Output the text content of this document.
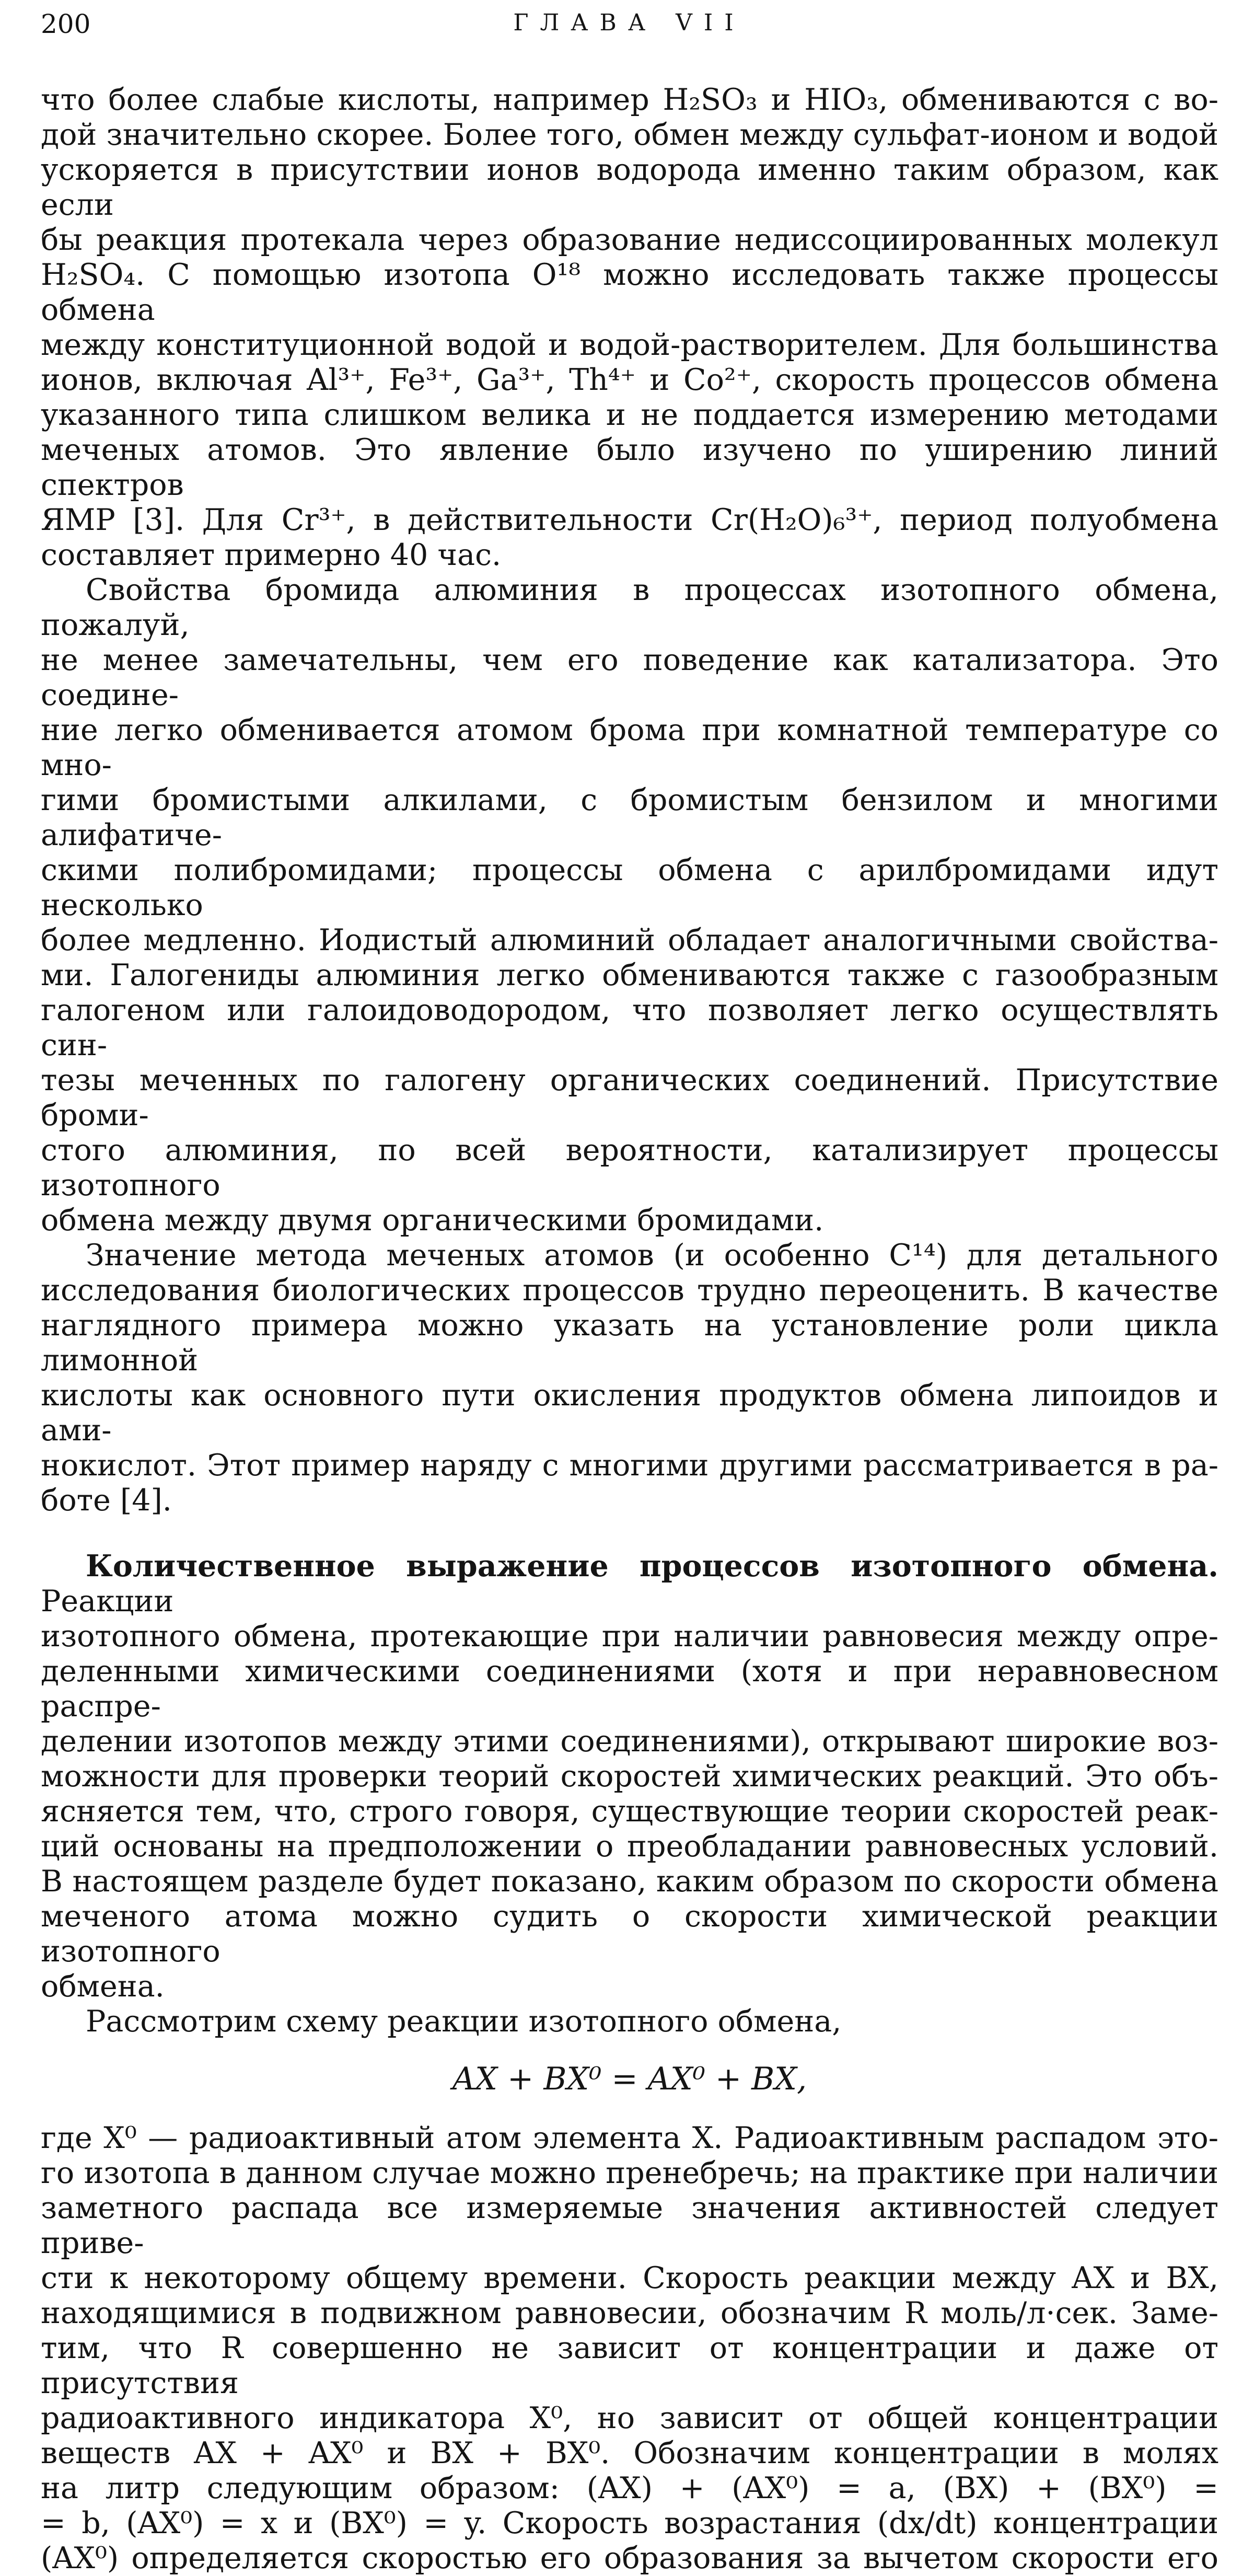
200	ГЛАВА VII
что более слабые кислоты, например H₂SO₃ и HIO₃, обмениваются с во-
дой значительно скорее. Более того, обмен между сульфат-ионом и водой
ускоряется в присутствии ионов водорода именно таким образом, как если
бы реакция протекала через образование недиссоциированных молекул
H₂SO₄. С помощью изотопа O¹⁸ можно исследовать также процессы обмена
между конституционной водой и водой-растворителем. Для большинства
ионов, включая Al³⁺, Fe³⁺, Ga³⁺, Th⁴⁺ и Co²⁺, скорость процессов обмена
указанного типа слишком велика и не поддается измерению методами
меченых атомов. Это явление было изучено по уширению линий спектров
ЯМР [3]. Для Cr³⁺, в действительности Cr(H₂O)₆³⁺, период полуобмена
составляет примерно 40 час.
Свойства бромида алюминия в процессах изотопного обмена, пожалуй,
не менее замечательны, чем его поведение как катализатора. Это соедине-
ние легко обменивается атомом брома при комнатной температуре со мно-
гими бромистыми алкилами, с бромистым бензилом и многими алифатиче-
скими полибромидами; процессы обмена с арилбромидами идут несколько
более медленно. Иодистый алюминий обладает аналогичными свойства-
ми. Галогениды алюминия легко обмениваются также с газообразным
галогеном или галоидоводородом, что позволяет легко осуществлять син-
тезы меченных по галогену органических соединений. Присутствие броми-
стого алюминия, по всей вероятности, катализирует процессы изотопного
обмена между двумя органическими бромидами.
Значение метода меченых атомов (и особенно C¹⁴) для детального
исследования биологических процессов трудно переоценить. В качестве
наглядного примера можно указать на установление роли цикла лимонной
кислоты как основного пути окисления продуктов обмена липоидов и ами-
нокислот. Этот пример наряду с многими другими рассматривается в ра-
боте [4].
Количественное выражение процессов изотопного обмена. Реакции
изотопного обмена, протекающие при наличии равновесия между опре-
деленными химическими соединениями (хотя и при неравновесном распре-
делении изотопов между этими соединениями), открывают широкие воз-
можности для проверки теорий скоростей химических реакций. Это объ-
ясняется тем, что, строго говоря, существующие теории скоростей реак-
ций основаны на предположении о преобладании равновесных условий.
В настоящем разделе будет показано, каким образом по скорости обмена
меченого атома можно судить о скорости химической реакции изотопного
обмена.
Рассмотрим схему реакции изотопного обмена,
AX + BX⁰ = AX⁰ + BX,
где X⁰ — радиоактивный атом элемента X. Радиоактивным распадом это-
го изотопа в данном случае можно пренебречь; на практике при наличии
заметного распада все измеряемые значения активностей следует приве-
сти к некоторому общему времени. Скорость реакции между AX и BX,
находящимися в подвижном равновесии, обозначим R моль/л·сек. Заме-
тим, что R совершенно не зависит от концентрации и даже от присутствия
радиоактивного индикатора X⁰, но зависит от общей концентрации
веществ AX + AX⁰ и BX + BX⁰. Обозначим концентрации в молях
на литр следующим образом: (AX) + (AX⁰) = a, (BX) + (BX⁰) =
= b, (AX⁰) = x и (BX⁰) = y. Скорость возрастания (dx/dt) концентрации
(AX⁰) определяется скоростью его образования за вычетом скорости его
